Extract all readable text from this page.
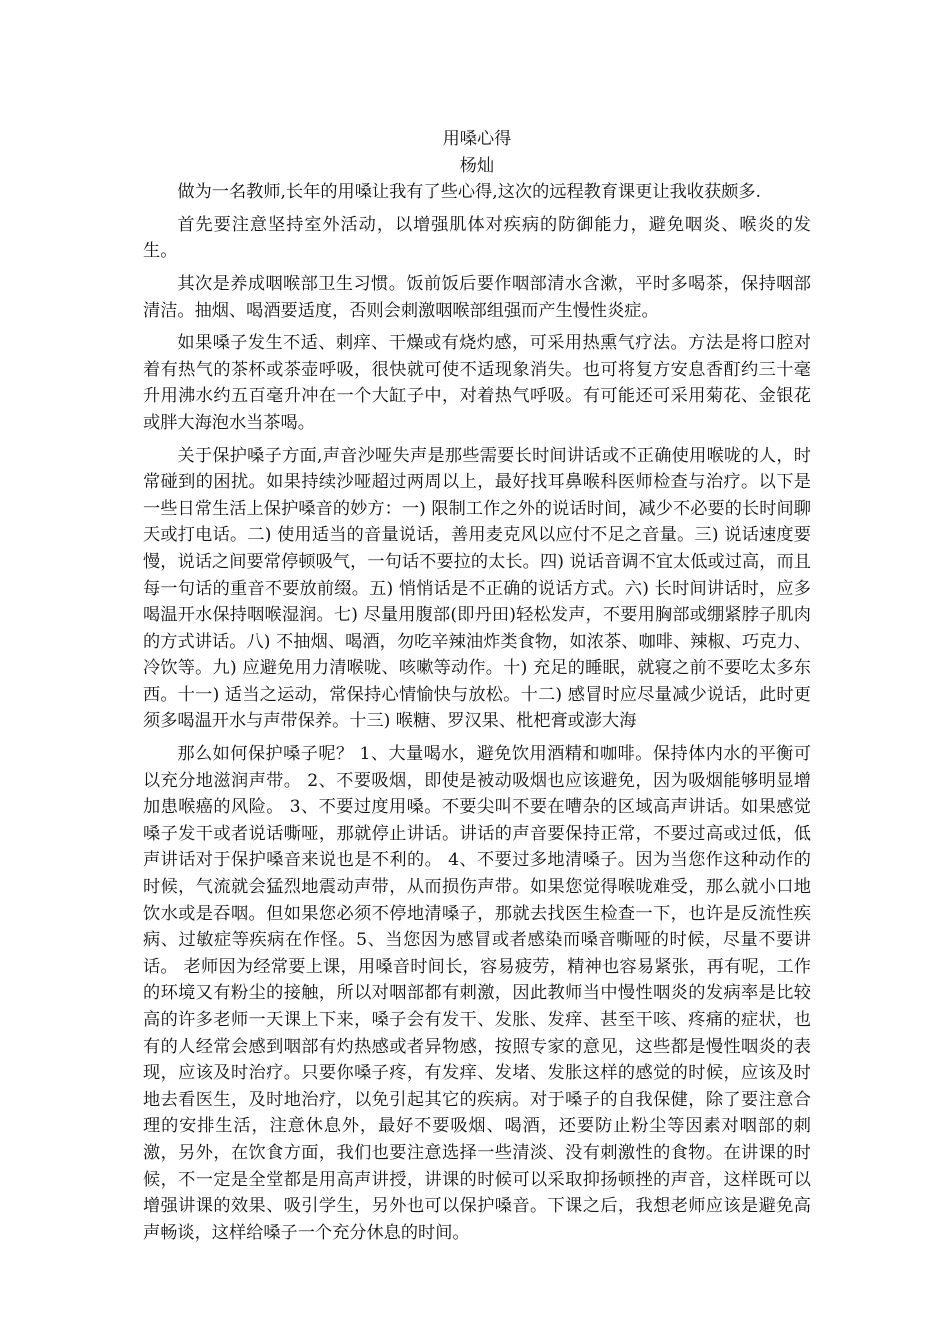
用嗓心得

杨灿

做为一名教师,长年的用嗓让我有了些心得,这次的远程教育课更让我收获颇多.

首先要注意坚持室外活动，以增强肌体对疾病的防御能力，避免咽炎、喉炎的发生。

其次是养成咽喉部卫生习惯。饭前饭后要作咽部清水含漱，平时多喝茶，保持咽部清洁。抽烟、喝酒要适度，否则会刺激咽喉部组强而产生慢性炎症。

如果嗓子发生不适、刺痒、干燥或有烧灼感，可采用热熏气疗法。方法是将口腔对着有热气的茶杯或茶壶呼吸，很快就可使不适现象消失。也可将复方安息香酊约三十毫升用沸水约五百毫升冲在一个大缸子中，对着热气呼吸。有可能还可采用菊花、金银花或胖大海泡水当茶喝。

关于保护嗓子方面,声音沙哑失声是那些需要长时间讲话或不正确使用喉咙的人，时常碰到的困扰。如果持续沙哑超过两周以上，最好找耳鼻喉科医师检查与治疗。以下是一些日常生活上保护嗓音的妙方：一) 限制工作之外的说话时间，减少不必要的长时间聊天或打电话。二) 使用适当的音量说话，善用麦克风以应付不足之音量。三) 说话速度要慢，说话之间要常停顿吸气，一句话不要拉的太长。四) 说话音调不宜太低或过高，而且每一句话的重音不要放前缀。五) 悄悄话是不正确的说话方式。六) 长时间讲话时，应多喝温开水保持咽喉湿润。七) 尽量用腹部(即丹田)轻松发声，不要用胸部或绷紧脖子肌肉的方式讲话。八) 不抽烟、喝酒，勿吃辛辣油炸类食物，如浓茶、咖啡、辣椒、巧克力、冷饮等。九) 应避免用力清喉咙、咳嗽等动作。十) 充足的睡眠，就寝之前不要吃太多东西。十一) 适当之运动，常保持心情愉快与放松。十二) 感冒时应尽量减少说话，此时更须多喝温开水与声带保养。十三) 喉糖、罗汉果、枇杷膏或澎大海

那么如何保护嗓子呢？ 1、大量喝水，避免饮用酒精和咖啡。保持体内水的平衡可以充分地滋润声带。 2、不要吸烟，即使是被动吸烟也应该避免，因为吸烟能够明显增加患喉癌的风险。 3、不要过度用嗓。不要尖叫不要在嘈杂的区域高声讲话。如果感觉嗓子发干或者说话嘶哑，那就停止讲话。讲话的声音要保持正常，不要过高或过低，低声讲话对于保护嗓音来说也是不利的。 4、不要过多地清嗓子。因为当您作这种动作的时候，气流就会猛烈地震动声带，从而损伤声带。如果您觉得喉咙难受，那么就小口地饮水或是吞咽。但如果您必须不停地清嗓子，那就去找医生检查一下，也许是反流性疾病、过敏症等疾病在作怪。5、当您因为感冒或者感染而嗓音嘶哑的时候，尽量不要讲话。 老师因为经常要上课，用嗓音时间长，容易疲劳，精神也容易紧张，再有呢，工作的环境又有粉尘的接触，所以对咽部都有刺激，因此教师当中慢性咽炎的发病率是比较高的许多老师一天课上下来，嗓子会有发干、发胀、发痒、甚至干咳、疼痛的症状，也有的人经常会感到咽部有灼热感或者异物感，按照专家的意见，这些都是慢性咽炎的表现，应该及时治疗。只要你嗓子疼，有发痒、发堵、发胀这样的感觉的时候，应该及时地去看医生，及时地治疗，以免引起其它的疾病。对于嗓子的自我保健，除了要注意合理的安排生活，注意休息外，最好不要吸烟、喝酒，还要防止粉尘等因素对咽部的刺激，另外，在饮食方面，我们也要注意选择一些清淡、没有刺激性的食物。在讲课的时候，不一定是全堂都是用高声讲授，讲课的时候可以采取抑扬顿挫的声音，这样既可以增强讲课的效果、吸引学生，另外也可以保护嗓音。下课之后，我想老师应该是避免高声畅谈，这样给嗓子一个充分休息的时间。
